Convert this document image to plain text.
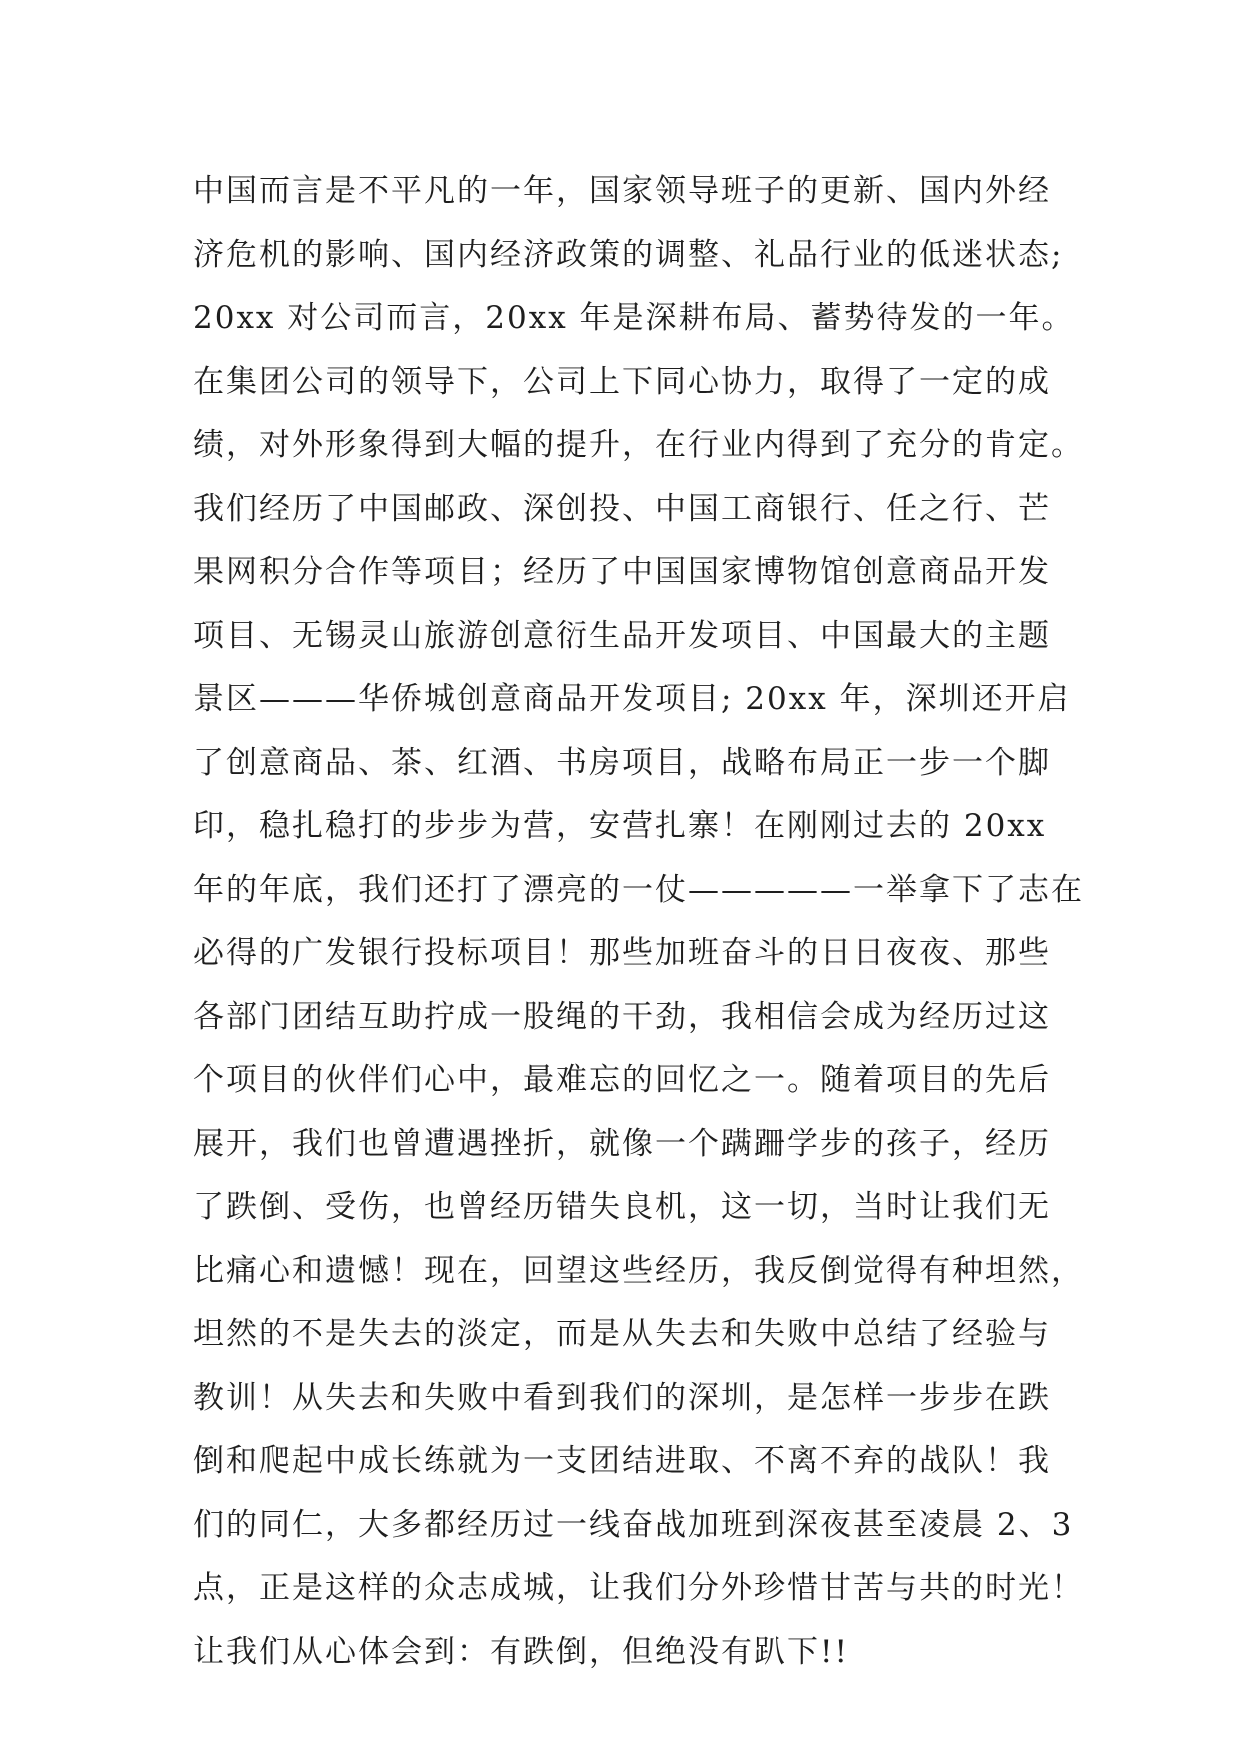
中国而言是不平凡的一年，国家领导班子的更新、国内外经
济危机的影响、国内经济政策的调整、礼品行业的低迷状态;
20xx 对公司而言，20xx 年是深耕布局、蓄势待发的一年。
在集团公司的领导下，公司上下同心协力，取得了一定的成
绩，对外形象得到大幅的提升，在行业内得到了充分的肯定。
我们经历了中国邮政、深创投、中国工商银行、任之行、芒
果网积分合作等项目；经历了中国国家博物馆创意商品开发
项目、无锡灵山旅游创意衍生品开发项目、中国最大的主题
景区———华侨城创意商品开发项目; 20xx 年，深圳还开启
了创意商品、茶、红酒、书房项目，战略布局正一步一个脚
印，稳扎稳打的步步为营，安营扎寨！在刚刚过去的 20xx
年的年底，我们还打了漂亮的一仗—————一举拿下了志在
必得的广发银行投标项目！那些加班奋斗的日日夜夜、那些
各部门团结互助拧成一股绳的干劲，我相信会成为经历过这
个项目的伙伴们心中，最难忘的回忆之一。随着项目的先后
展开，我们也曾遭遇挫折，就像一个蹒跚学步的孩子，经历
了跌倒、受伤，也曾经历错失良机，这一切，当时让我们无
比痛心和遗憾！现在，回望这些经历，我反倒觉得有种坦然，
坦然的不是失去的淡定，而是从失去和失败中总结了经验与
教训！从失去和失败中看到我们的深圳，是怎样一步步在跌
倒和爬起中成长练就为一支团结进取、不离不弃的战队！我
们的同仁，大多都经历过一线奋战加班到深夜甚至凌晨 2、3
点，正是这样的众志成城，让我们分外珍惜甘苦与共的时光！
让我们从心体会到：有跌倒，但绝没有趴下!!
